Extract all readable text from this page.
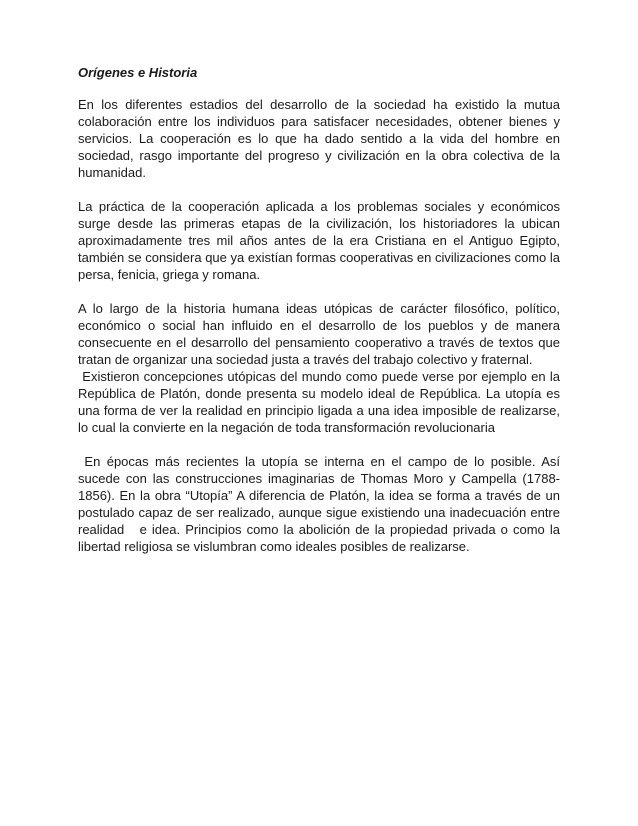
Orígenes e Historia

En los diferentes estadios del desarrollo de la sociedad ha existido la mutua colaboración entre los individuos para satisfacer necesidades, obtener bienes y servicios. La cooperación es lo que ha dado sentido a la vida del hombre en sociedad, rasgo importante del progreso y civilización en la obra colectiva de la humanidad.

La práctica de la cooperación aplicada a los problemas sociales y económicos surge desde las primeras etapas de la civilización, los historiadores la ubican aproximadamente tres mil años antes de la era Cristiana en el Antiguo Egipto, también se considera que ya existían formas cooperativas en civilizaciones como la persa, fenicia, griega y romana.

A lo largo de la historia humana ideas utópicas de carácter filosófico, político, económico o social han influido en el desarrollo de los pueblos y de manera consecuente en el desarrollo del pensamiento cooperativo a través de textos que tratan de organizar una sociedad justa a través del trabajo colectivo y fraternal.

Existieron concepciones utópicas del mundo como puede verse por ejemplo en la República de Platón, donde presenta su modelo ideal de República. La utopía es una forma de ver la realidad en principio ligada a una idea imposible de realizarse, lo cual la convierte en la negación de toda transformación revolucionaria

En épocas más recientes la utopía se interna en el campo de lo posible. Así sucede con las construcciones imaginarias de Thomas Moro y Campella (1788-1856). En la obra “Utopía” A diferencia de Platón, la idea se forma a través de un postulado capaz de ser realizado, aunque sigue existiendo una inadecuación entre realidad   e idea. Principios como la abolición de la propiedad privada o como la libertad religiosa se vislumbran como ideales posibles de realizarse.
